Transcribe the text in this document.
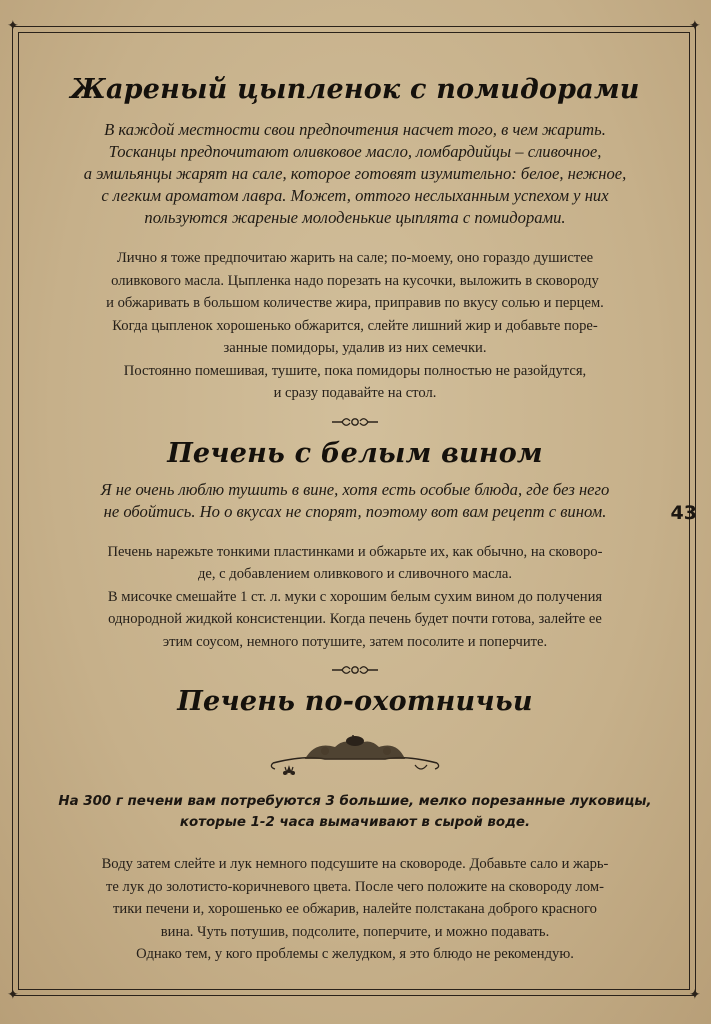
✦	✦
✦	✦
43
Жареный цыпленок с помидорами
В каждой местности свои предпочтения насчет того, в чем жарить.
Тосканцы предпочитают оливковое масло, ломбардийцы – сливочное,
а эмильянцы жарят на сале, которое готовят изумительно: белое, нежное,
с легким ароматом лавра. Может, оттого неслыханным успехом у них
пользуются жареные молоденькие цыплята с помидорами.
Лично я тоже предпочитаю жарить на сале; по-моему, оно гораздо душистее
оливкового масла. Цыпленка надо порезать на кусочки, выложить в сковороду
и обжаривать в большом количестве жира, приправив по вкусу солью и перцем.
Когда цыпленок хорошенько обжарится, слейте лишний жир и добавьте поре-
занные помидоры, удалив из них семечки.
Постоянно помешивая, тушите, пока помидоры полностью не разойдутся,
и сразу подавайте на стол.
Печень с белым вином
Я не очень люблю тушить в вине, хотя есть особые блюда, где без него
не обойтись. Но о вкусах не спорят, поэтому вот вам рецепт с вином.
Печень нарежьте тонкими пластинками и обжарьте их, как обычно, на сковоро-
де, с добавлением оливкового и сливочного масла.
В мисочке смешайте 1 ст. л. муки с хорошим белым сухим вином до получения
однородной жидкой консистенции. Когда печень будет почти готова, залейте ее
этим соусом, немного потушите, затем посолите и поперчите.
Печень по-охотничьи
На 300 г печени вам потребуются 3 большие, мелко порезанные луковицы,
которые 1-2 часа вымачивают в сырой воде.
Воду затем слейте и лук немного подсушите на сковороде. Добавьте сало и жарь-
те лук до золотисто-коричневого цвета. После чего положите на сковороду лом-
тики печени и, хорошенько ее обжарив, налейте полстакана доброго красного
вина. Чуть потушив, подсолите, поперчите, и можно подавать.
Однако тем, у кого проблемы с желудком, я это блюдо не рекомендую.
